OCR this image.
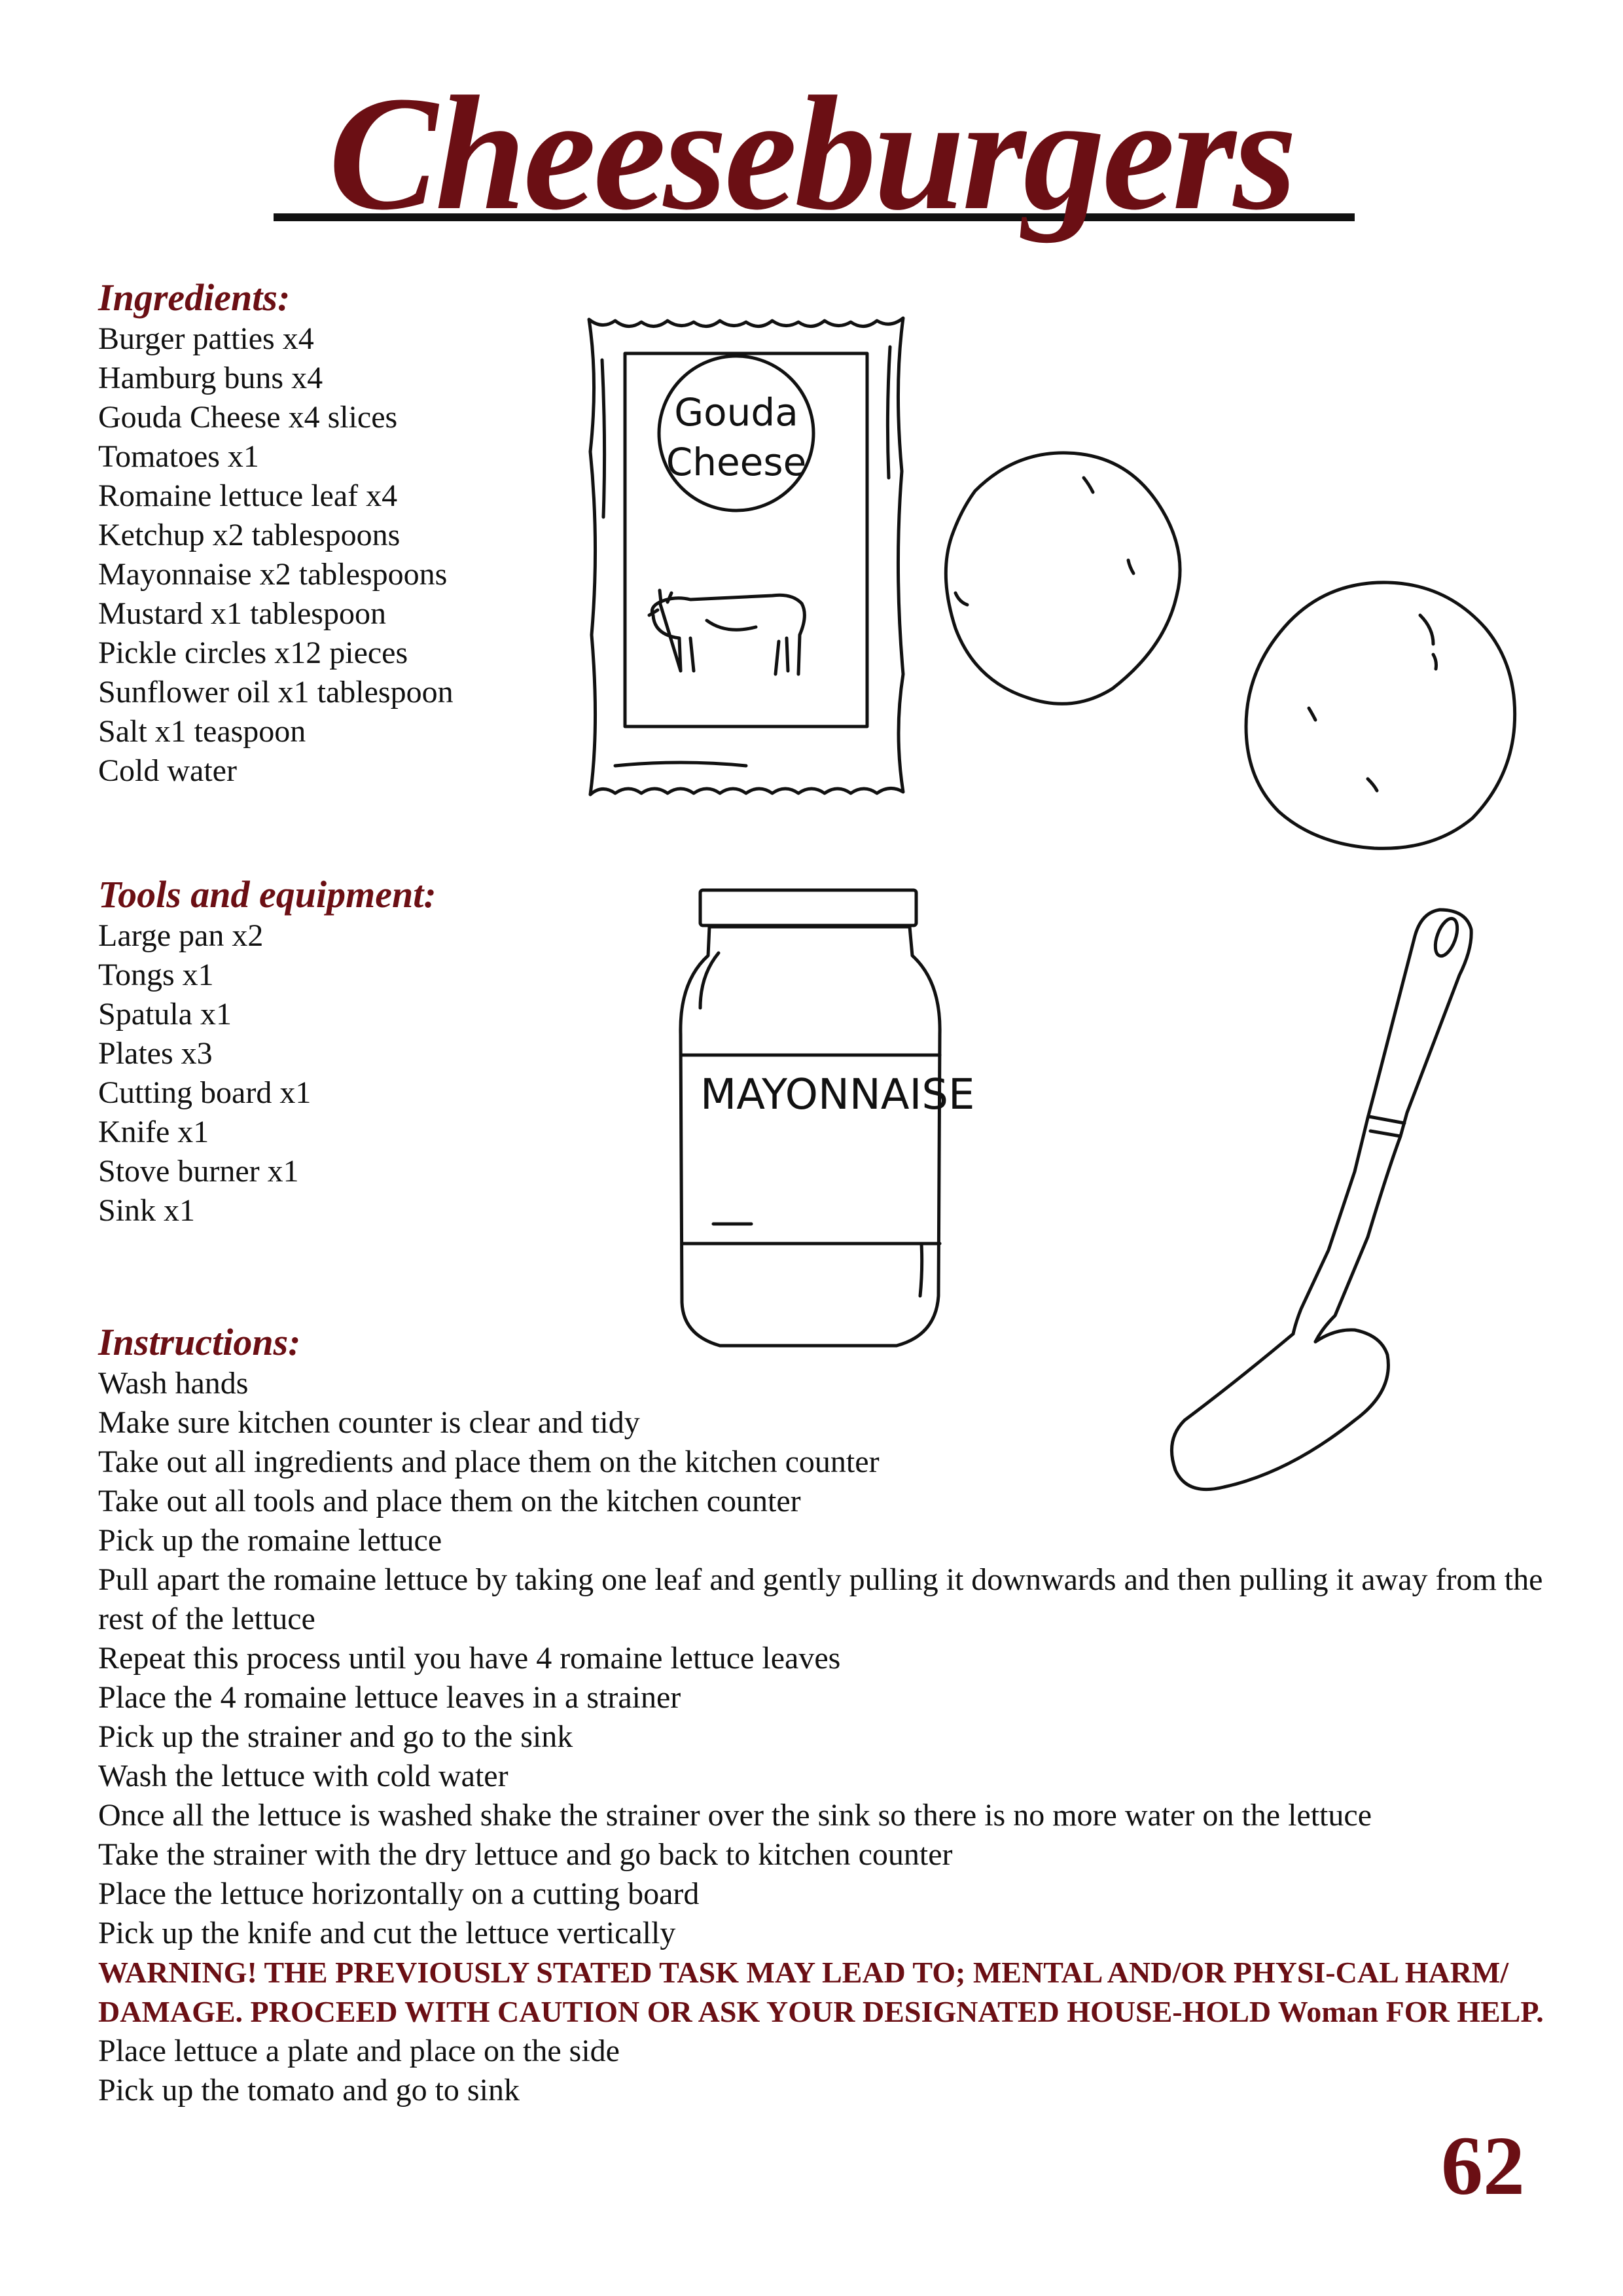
Cheeseburgers
Ingredients:
Burger patties x4
Hamburg buns x4
Gouda Cheese x4 slices
Tomatoes x1
Romaine lettuce leaf x4
Ketchup x2 tablespoons
Mayonnaise x2 tablespoons
Mustard x1 tablespoon
Pickle circles x12 pieces
Sunflower oil x1 tablespoon
Salt x1 teaspoon
Cold water
Tools and equipment:
Large pan x2
Tongs x1
Spatula x1
Plates x3
Cutting board x1
Knife x1
Stove burner x1
Sink x1
Instructions:
Wash hands
Make sure kitchen counter is clear and tidy
Take out all ingredients and place them on the kitchen counter
Take out all tools and place them on the kitchen counter
Pick up the romaine lettuce
Pull apart the romaine lettuce by taking one leaf and gently pulling it downwards and then pulling it away from the rest of the lettuce
Repeat this process until you have 4 romaine lettuce leaves
Place the 4 romaine lettuce leaves in a strainer
Pick up the strainer and go to the sink
Wash the lettuce with cold water
Once all the lettuce is washed shake the strainer over the sink so there is no more water on the lettuce
Take the strainer with the dry lettuce and go back to kitchen counter
Place the lettuce horizontally on a cutting board
Pick up the knife and cut the lettuce vertically
WARNING! THE PREVIOUSLY STATED TASK MAY LEAD TO; MENTAL AND/OR PHYSI-CAL HARM/ DAMAGE. PROCEED WITH CAUTION OR ASK YOUR DESIGNATED HOUSE-HOLD Woman FOR HELP.
Place lettuce a plate and place on the side
Pick up the tomato and go to sink
Gouda
Cheese
MAYONNAISE
62
